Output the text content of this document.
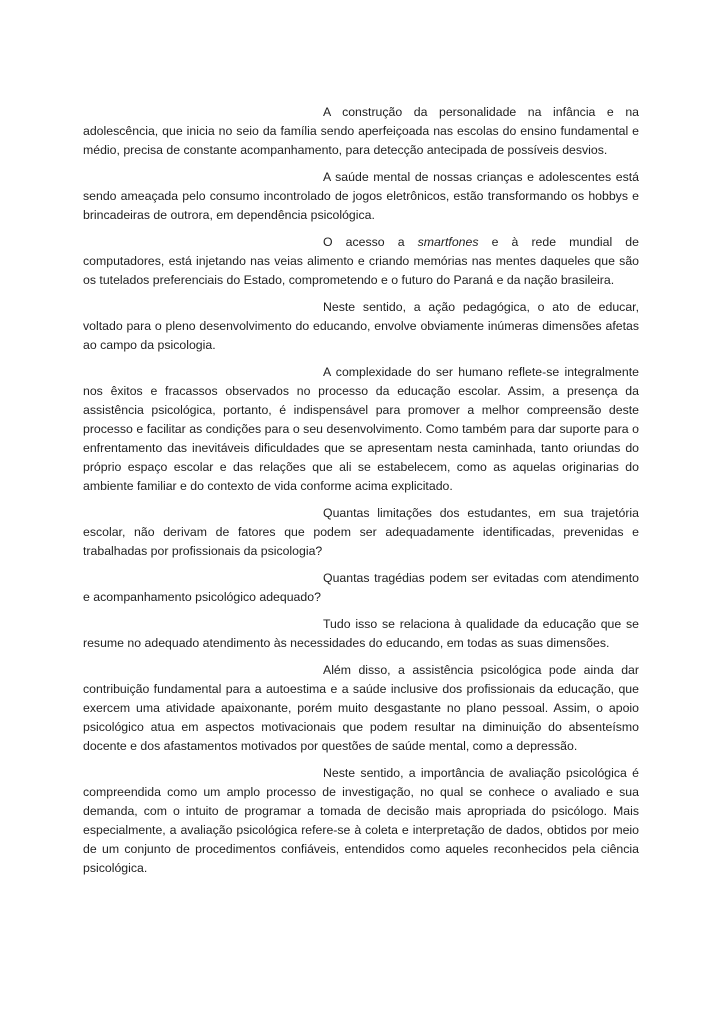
A construção da personalidade na infância e na adolescência, que inicia no seio da família sendo aperfeiçoada nas escolas do ensino fundamental e médio, precisa de constante acompanhamento, para detecção antecipada de possíveis desvios.

A saúde mental de nossas crianças e adolescentes está sendo ameaçada pelo consumo incontrolado de jogos eletrônicos, estão transformando os hobbys e brincadeiras de outrora, em dependência psicológica.

O acesso a smartfones e à rede mundial de computadores, está injetando nas veias alimento e criando memórias nas mentes daqueles que são os tutelados preferenciais do Estado, comprometendo e o futuro do Paraná e da nação brasileira.

Neste sentido, a ação pedagógica, o ato de educar, voltado para o pleno desenvolvimento do educando, envolve obviamente inúmeras dimensões afetas ao campo da psicologia.

A complexidade do ser humano reflete-se integralmente nos êxitos e fracassos observados no processo da educação escolar. Assim, a presença da assistência psicológica, portanto, é indispensável para promover a melhor compreensão deste processo e facilitar as condições para o seu desenvolvimento. Como também para dar suporte para o enfrentamento das inevitáveis dificuldades que se apresentam nesta caminhada, tanto oriundas do próprio espaço escolar e das relações que ali se estabelecem, como as aquelas originarias do ambiente familiar e do contexto de vida conforme acima explicitado.

Quantas limitações dos estudantes, em sua trajetória escolar, não derivam de fatores que podem ser adequadamente identificadas, prevenidas e trabalhadas por profissionais da psicologia?

Quantas tragédias podem ser evitadas com atendimento e acompanhamento psicológico adequado?

Tudo isso se relaciona à qualidade da educação que se resume no adequado atendimento às necessidades do educando, em todas as suas dimensões.

Além disso, a assistência psicológica pode ainda dar contribuição fundamental para a autoestima e a saúde inclusive dos profissionais da educação, que exercem uma atividade apaixonante, porém muito desgastante no plano pessoal. Assim, o apoio psicológico atua em aspectos motivacionais que podem resultar na diminuição do absenteísmo docente e dos afastamentos motivados por questões de saúde mental, como a depressão.

Neste sentido, a importância de avaliação psicológica é compreendida como um amplo processo de investigação, no qual se conhece o avaliado e sua demanda, com o intuito de programar a tomada de decisão mais apropriada do psicólogo. Mais especialmente, a avaliação psicológica refere-se à coleta e interpretação de dados, obtidos por meio de um conjunto de procedimentos confiáveis, entendidos como aqueles reconhecidos pela ciência psicológica.
